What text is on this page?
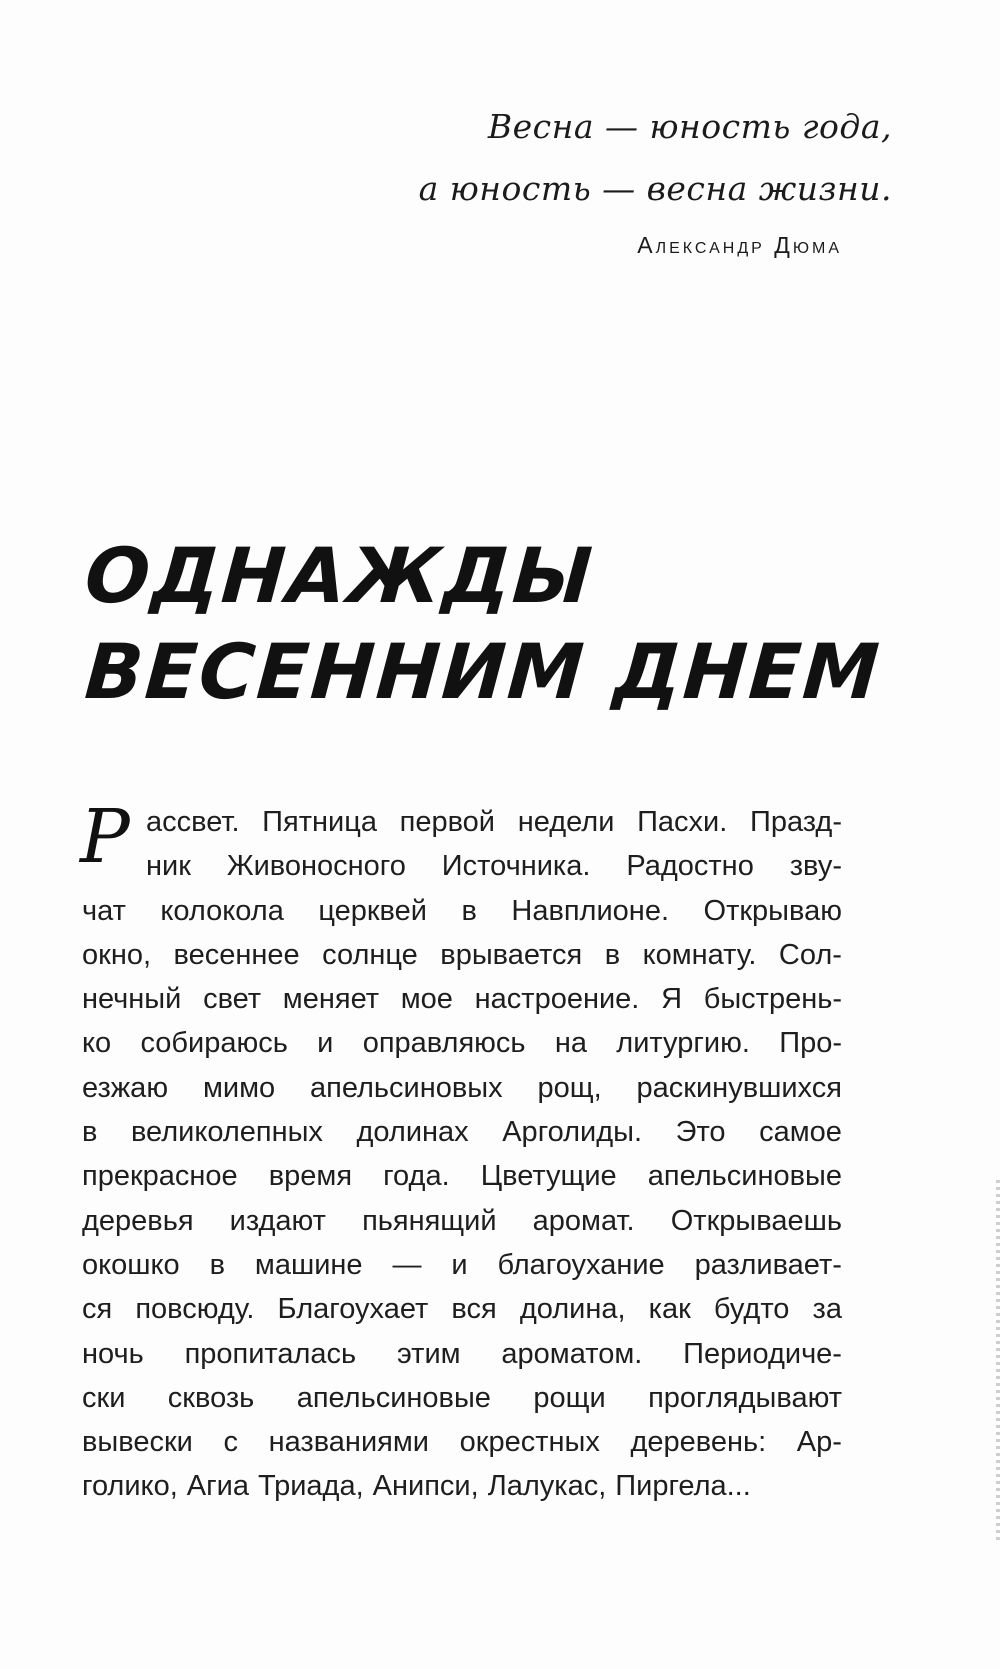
Весна — юность года,
а юность — весна жизни.
Александр Дюма
ОДНАЖДЫ
ВЕСЕННИМ ДНЕМ
Р ассвет. Пятница первой недели Пасхи. Празд-
ник Живоносного Источника. Радостно зву-
чат колокола церквей в Навплионе. Открываю
окно, весеннее солнце врывается в комнату. Сол-
нечный свет меняет мое настроение. Я быстрень-
ко собираюсь и оправляюсь на литургию. Про-
езжаю мимо апельсиновых рощ, раскинувшихся
в великолепных долинах Арголиды. Это самое
прекрасное время года. Цветущие апельсиновые
деревья издают пьянящий аромат. Открываешь
окошко в машине — и благоухание разливает-
ся повсюду. Благоухает вся долина, как будто за
ночь пропиталась этим ароматом. Периодиче-
ски сквозь апельсиновые рощи проглядывают
вывески с названиями окрестных деревень: Ар-
голико, Агиа Триада, Анипси, Лалукас, Пиргела...
